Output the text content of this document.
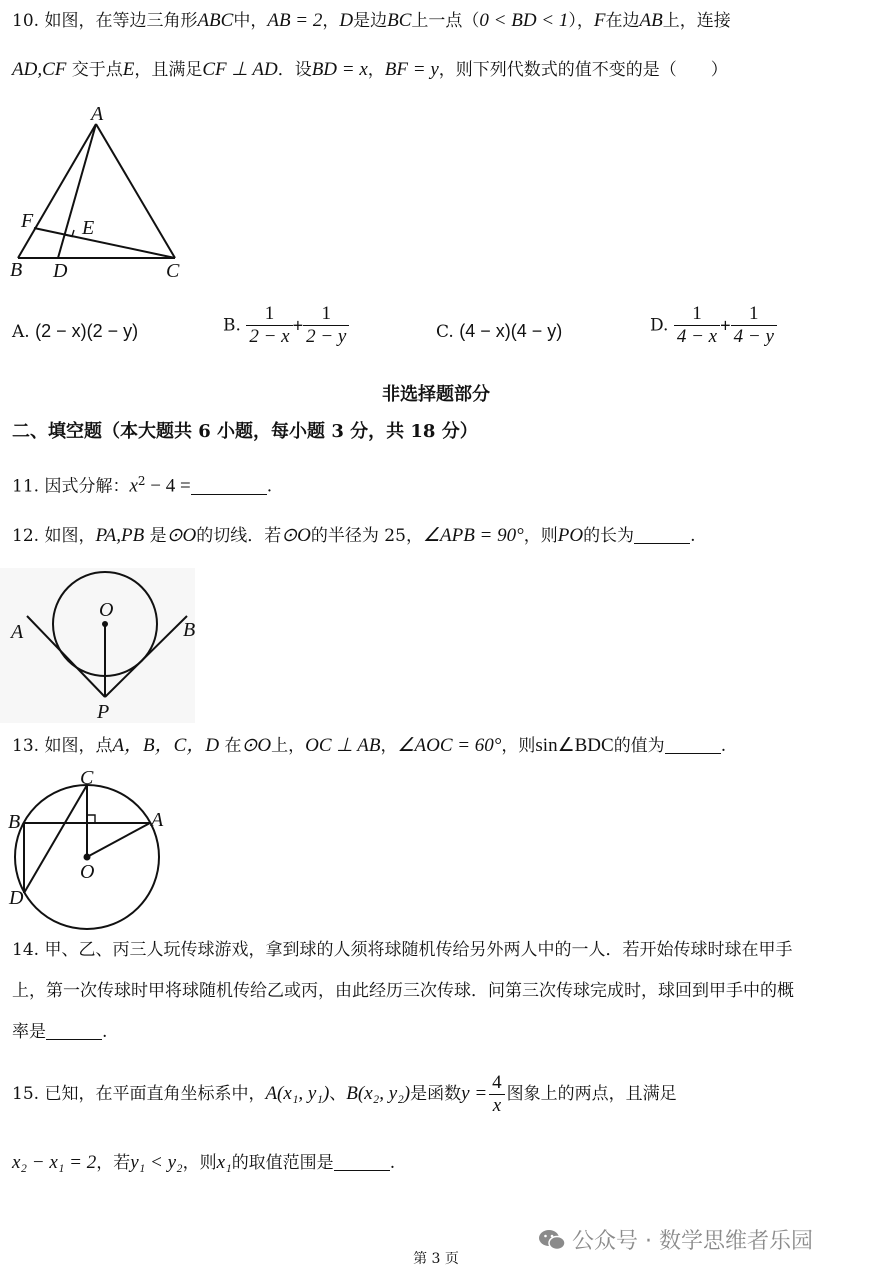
10. 如图，在等边三角形ABC中，AB = 2，D是边BC上一点（0 < BD < 1），F在边AB上，连接
AD,CF 交于点E，且满足CF ⊥ AD．设BD = x，BF = y，则下列代数式的值不变的是（　　）
A
B	C
D
E
F
A. (2 − x)(2 − y)	B. $\frac{1}{2 - x} + \frac{1}{2 - y}$	C. (4 − x)(4 − y)	D. $\frac{1}{4 - x} + \frac{1}{4 - y}$
非选择题部分
二、填空题（本大题共 6 小题，每小题 3 分，共 18 分）
11. 因式分解：$x^2 - 4$ =	.
12. 如图，PA,PB 是⊙O的切线．若⊙O的半径为 25，∠APB = 90°，则PO的长为	.
O
A	B
P
13. 如图，点A，B，C，D 在⊙O上，OC ⊥ AB，∠AOC = 60°，则sin∠BDC的值为	.
C
B	A
O
D
14. 甲、乙、丙三人玩传球游戏，拿到球的人须将球随机传给另外两人中的一人．若开始传球时球在甲手
上，第一次传球时甲将球随机传给乙或丙，由此经历三次传球．问第三次传球完成时，球回到甲手中的概
率是	.
15. 已知，在平面直角坐标系中，A(x₁, y₁)、B(x₂, y₂)是函数$y = \frac{4}{x}$ 图象上的两点，且满足
x₂ − x₁ = 2，若y₁ < y₂，则x₁的取值范围是	.
公众号 · 数学思维者乐园
第 3 页
